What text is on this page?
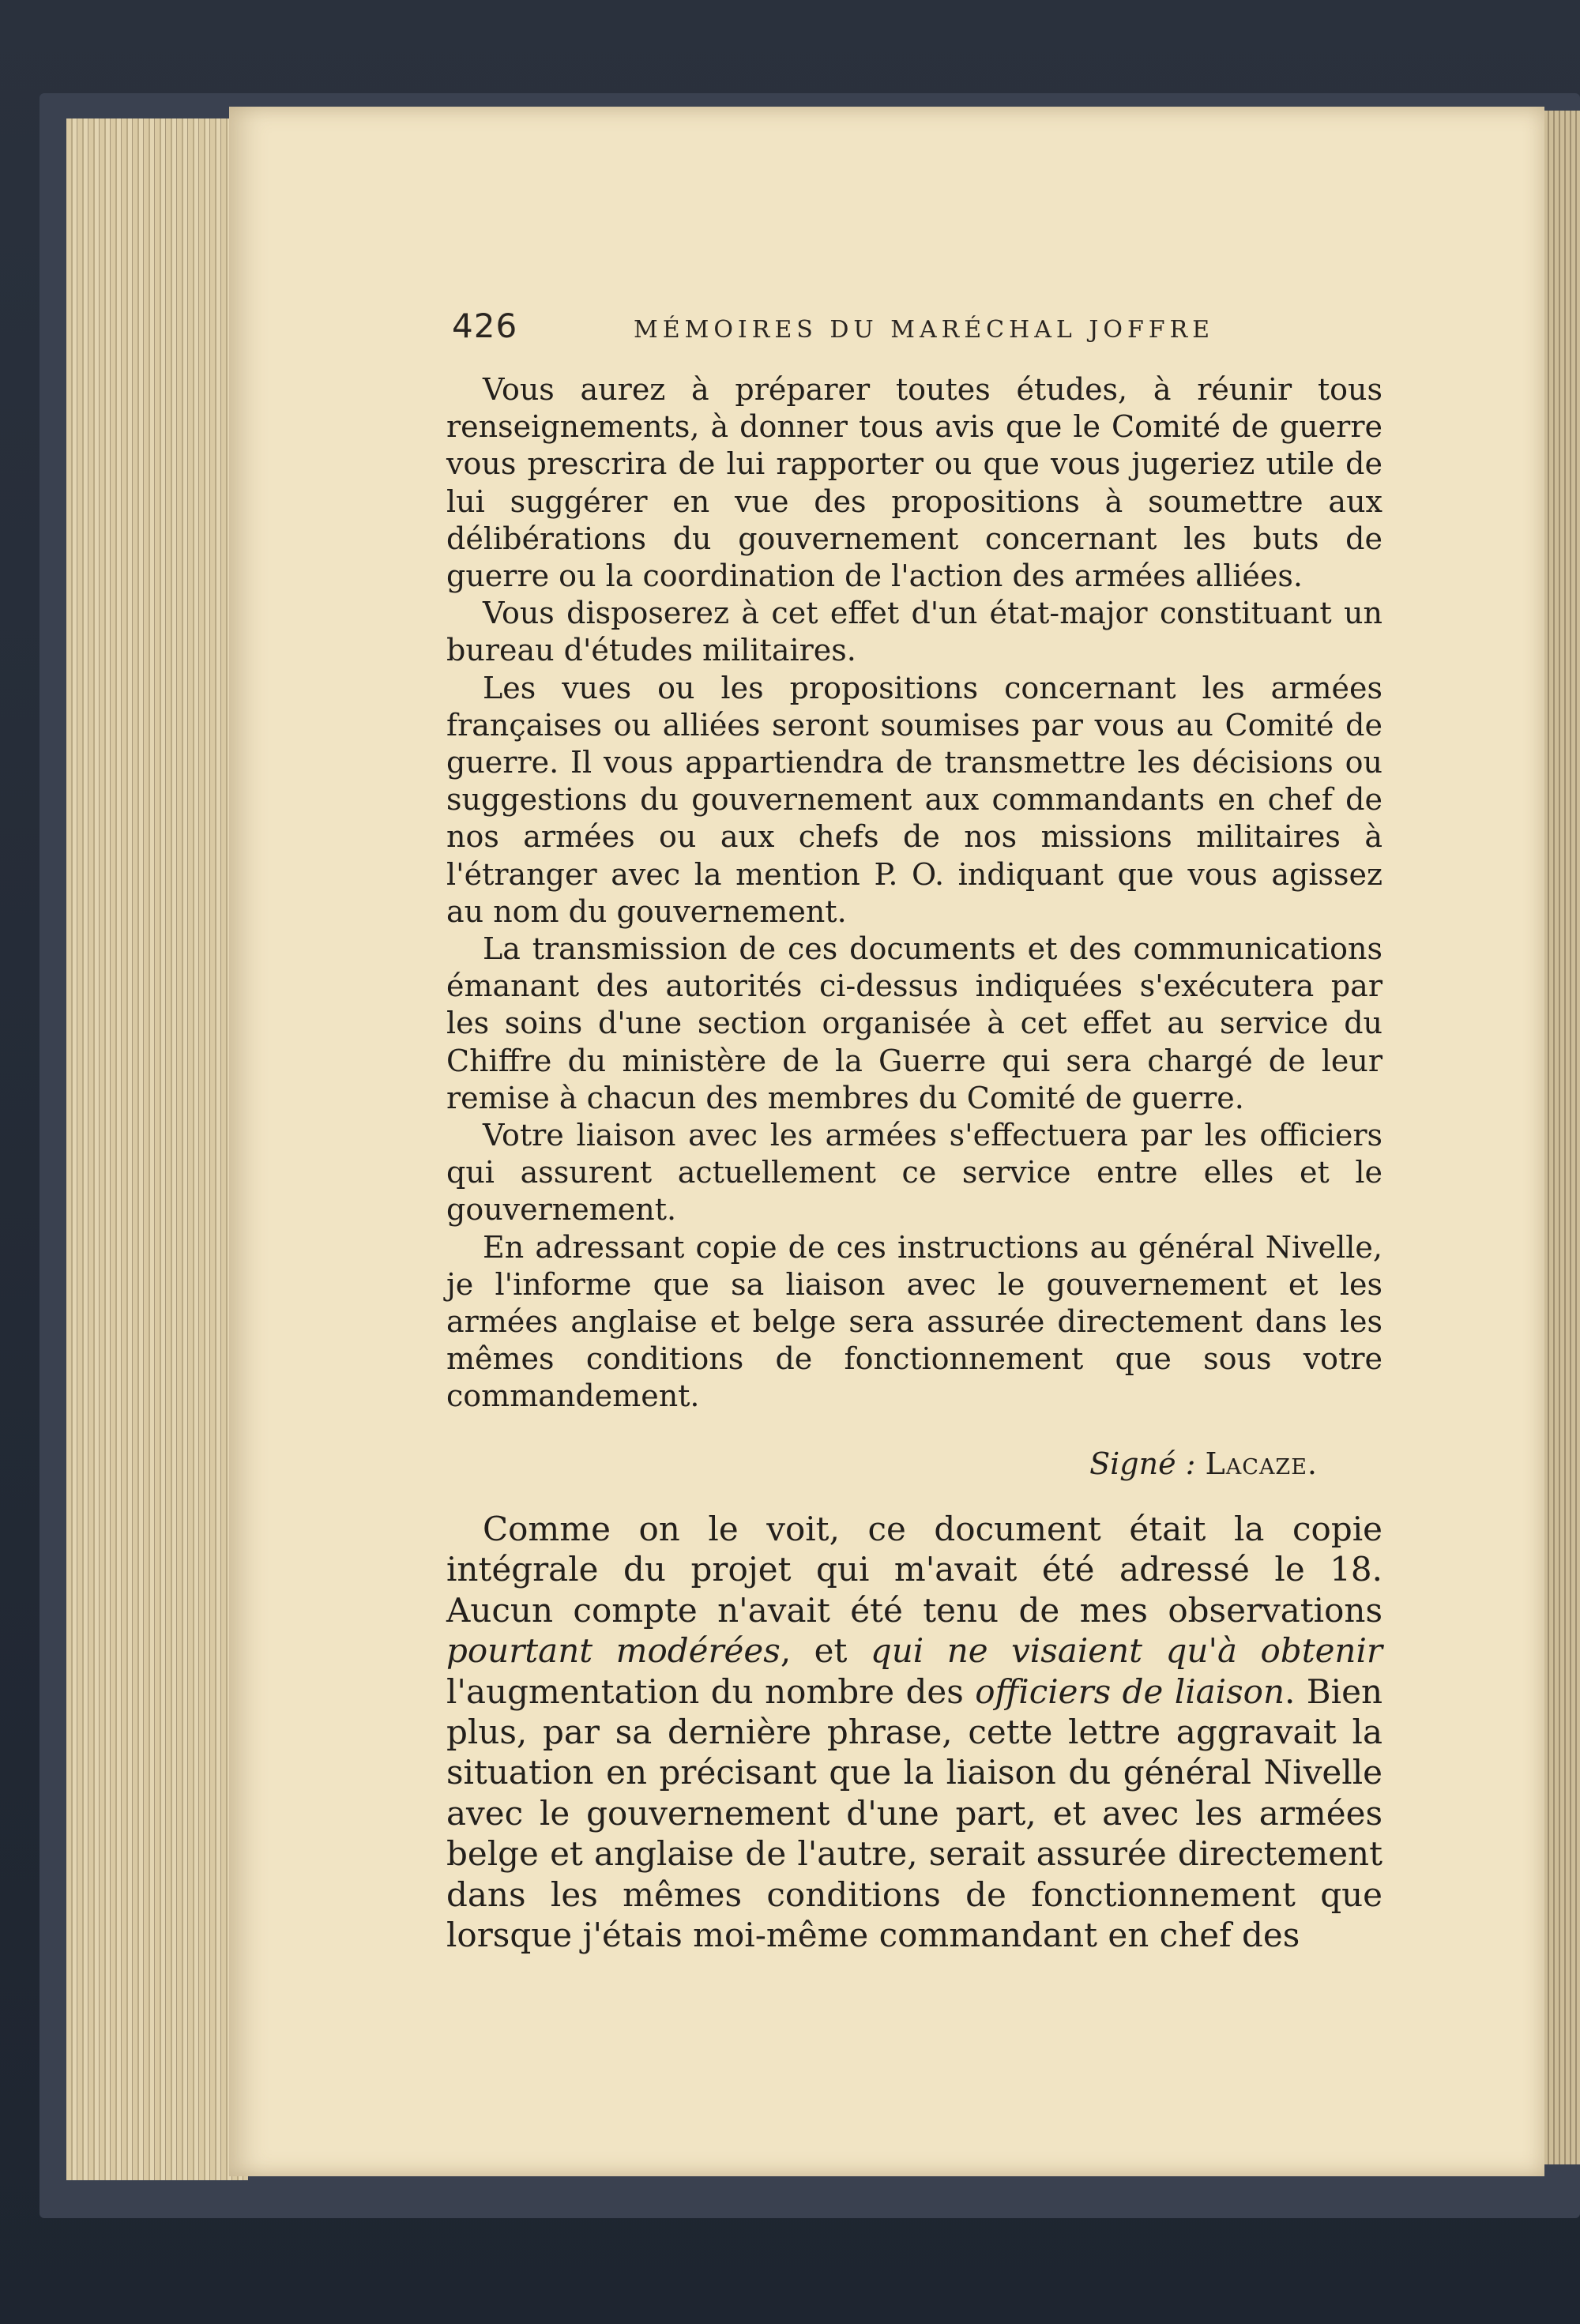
426	MÉMOIRES DU MARÉCHAL JOFFRE

Vous aurez à préparer toutes études, à réunir tous renseignements, à donner tous avis que le Comité de guerre vous prescrira de lui rapporter ou que vous jugeriez utile de lui suggérer en vue des propositions à soumettre aux délibérations du gouvernement concernant les buts de guerre ou la coordination de l'action des armées alliées.

Vous disposerez à cet effet d'un état-major constituant un bureau d'études militaires.

Les vues ou les propositions concernant les armées françaises ou alliées seront soumises par vous au Comité de guerre. Il vous appartiendra de transmettre les décisions ou suggestions du gouvernement aux commandants en chef de nos armées ou aux chefs de nos missions militaires à l'étranger avec la mention P. O. indiquant que vous agissez au nom du gouvernement.

La transmission de ces documents et des communications émanant des autorités ci-dessus indiquées s'exécutera par les soins d'une section organisée à cet effet au service du Chiffre du ministère de la Guerre qui sera chargé de leur remise à chacun des membres du Comité de guerre.

Votre liaison avec les armées s'effectuera par les officiers qui assurent actuellement ce service entre elles et le gouvernement.

En adressant copie de ces instructions au général Nivelle, je l'informe que sa liaison avec le gouvernement et les armées anglaise et belge sera assurée directement dans les mêmes conditions de fonctionnement que sous votre commandement.

Signé : Lacaze.

Comme on le voit, ce document était la copie intégrale du projet qui m'avait été adressé le 18. Aucun compte n'avait été tenu de mes observations pourtant modérées, et qui ne visaient qu'à obtenir l'augmentation du nombre des officiers de liaison. Bien plus, par sa dernière phrase, cette lettre aggravait la situation en précisant que la liaison du général Nivelle avec le gouvernement d'une part, et avec les armées belge et anglaise de l'autre, serait assurée directement dans les mêmes conditions de fonctionnement que lorsque j'étais moi-même commandant en chef des
